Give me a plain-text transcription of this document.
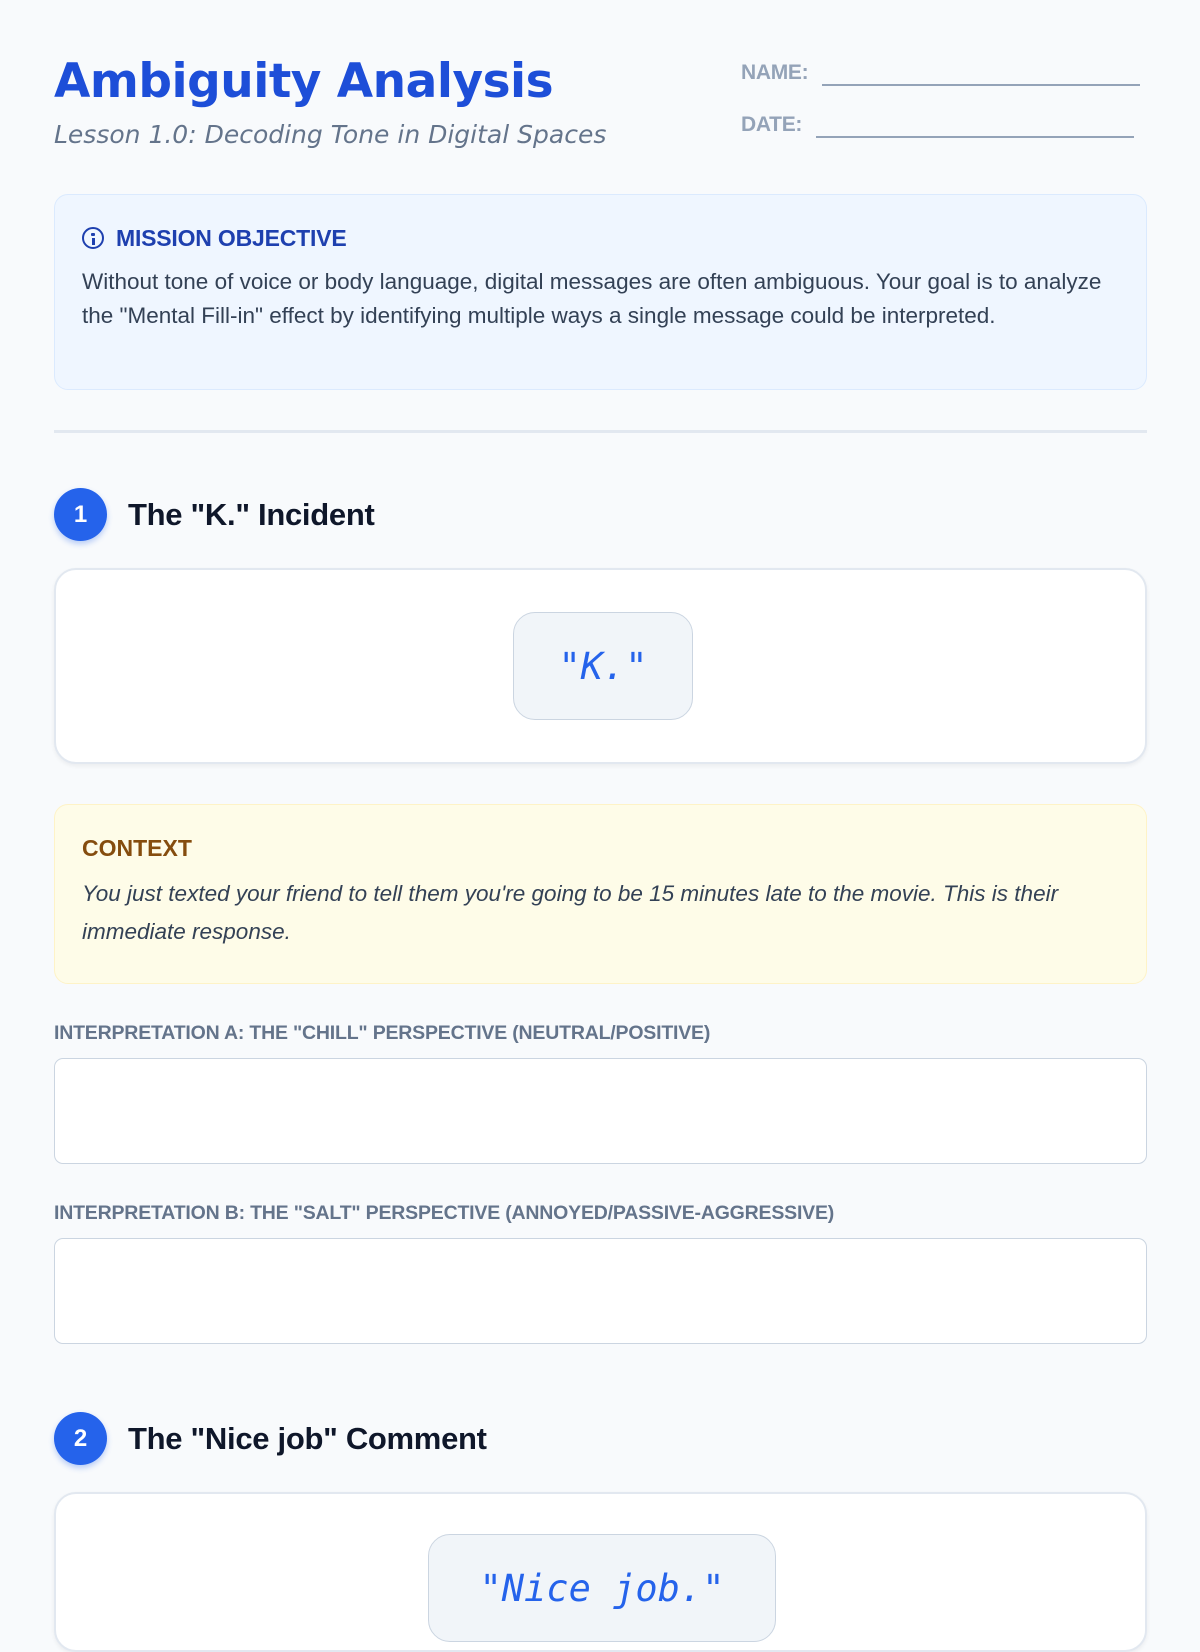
Ambiguity Analysis
Lesson 1.0: Decoding Tone in Digital Spaces
NAME:
DATE:
MISSION OBJECTIVE
Without tone of voice or body language, digital messages are often ambiguous. Your goal is to analyze the "Mental Fill-in" effect by identifying multiple ways a single message could be interpreted.
1	The "K." Incident
"K."
CONTEXT
You just texted your friend to tell them you're going to be 15 minutes late to the movie. This is their immediate response.
INTERPRETATION A: THE "CHILL" PERSPECTIVE (NEUTRAL/POSITIVE)
INTERPRETATION B: THE "SALT" PERSPECTIVE (ANNOYED/PASSIVE-AGGRESSIVE)
2	The "Nice job" Comment
"Nice job."
